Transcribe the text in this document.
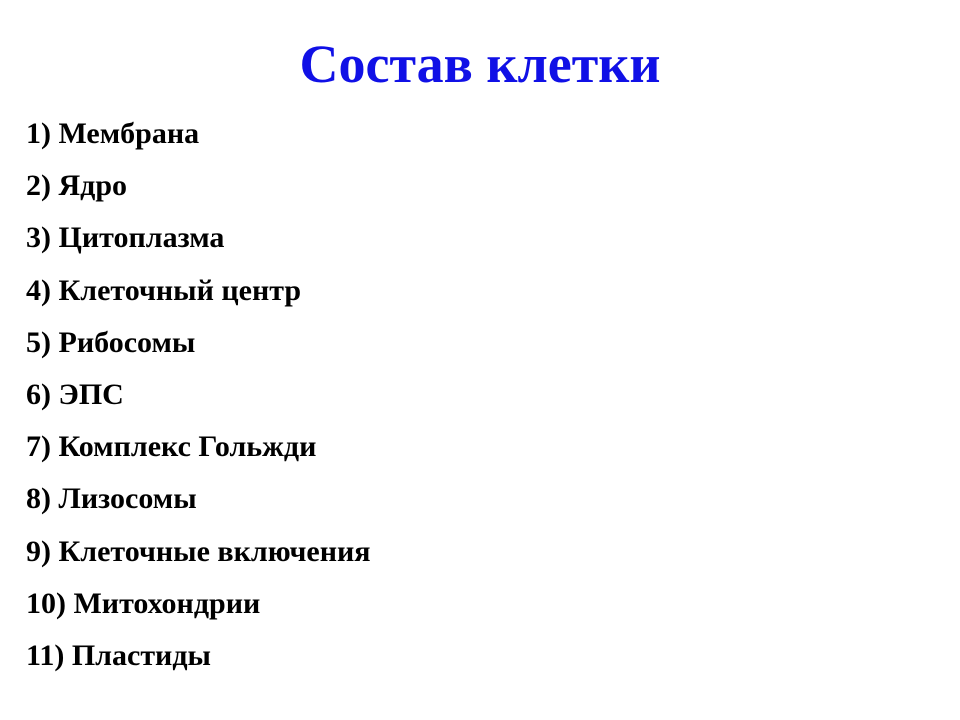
Состав клетки
1) Мембрана
2) Ядро
3) Цитоплазма
4) Клеточный центр
5) Рибосомы
6) ЭПС
7) Комплекс Гольжди
8) Лизосомы
9) Клеточные включения
10) Митохондрии
11) Пластиды
